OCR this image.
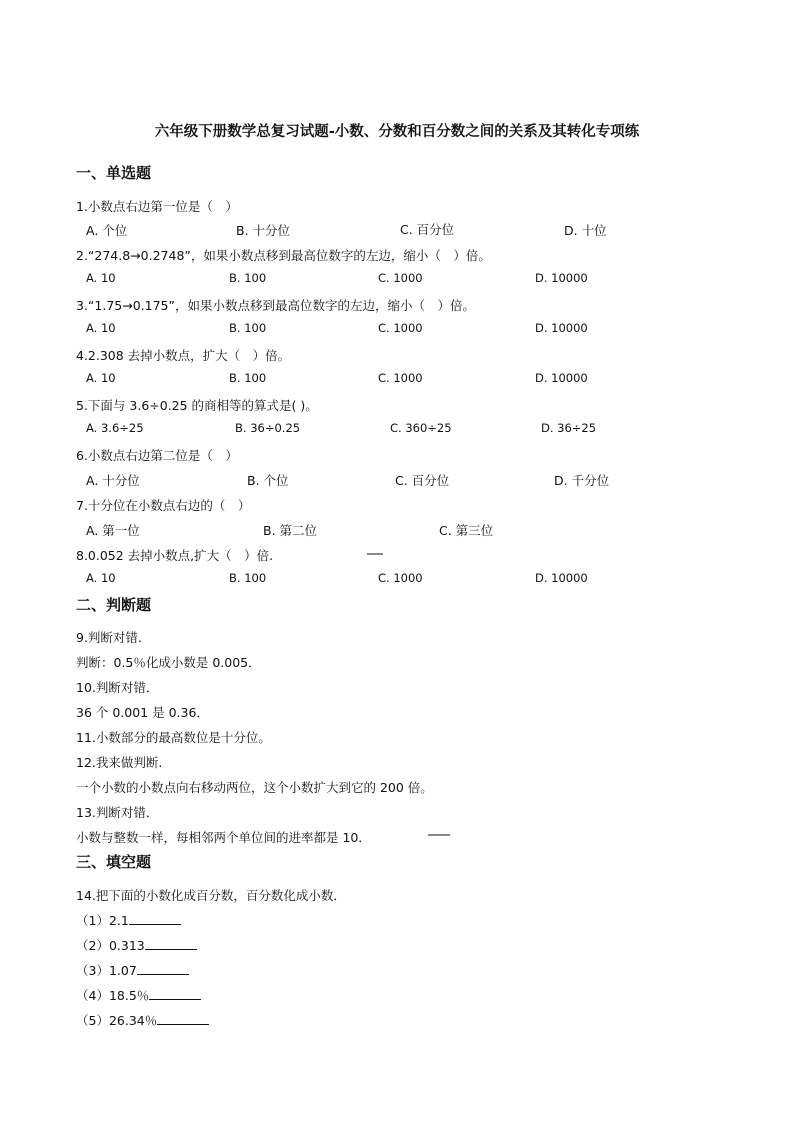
六年级下册数学总复习试题-小数、分数和百分数之间的关系及其转化专项练
一、单选题
1.小数点右边第一位是（　）
A. 个位	B. 十分位	C. 百分位	D. 十位
2.“274.8→0.2748”，如果小数点移到最高位数字的左边，缩小（　）倍。
A. 10	B. 100	C. 1000	D. 10000
3.“1.75→0.175”，如果小数点移到最高位数字的左边，缩小（　）倍。
A. 10	B. 100	C. 1000	D. 10000
4.2.308 去掉小数点，扩大（　）倍。
A. 10	B. 100	C. 1000	D. 10000
5.下面与 3.6÷0.25 的商相等的算式是( )。
A. 3.6÷25	B. 36÷0.25	C. 360÷25	D. 36÷25
6.小数点右边第二位是（　）
A. 十分位	B. 个位	C. 百分位	D. 千分位
7.十分位在小数点右边的（　）
A. 第一位	B. 第二位	C. 第三位
8.0.052 去掉小数点,扩大（　）倍.
A. 10	B. 100	C. 1000	D. 10000
二、判断题
9.判断对错.
判断：0.5％化成小数是 0.005．
10.判断对错．
36 个 0.001 是 0.36．
11.小数部分的最高数位是十分位。
12.我来做判断.
一个小数的小数点向右移动两位，这个小数扩大到它的 200 倍。
13.判断对错．
小数与整数一样，每相邻两个单位间的进率都是 10．
三、填空题
14.把下面的小数化成百分数，百分数化成小数．
（1）2.1
（2）0.313
（3）1.07
（4）18.5％
（5）26.34％
